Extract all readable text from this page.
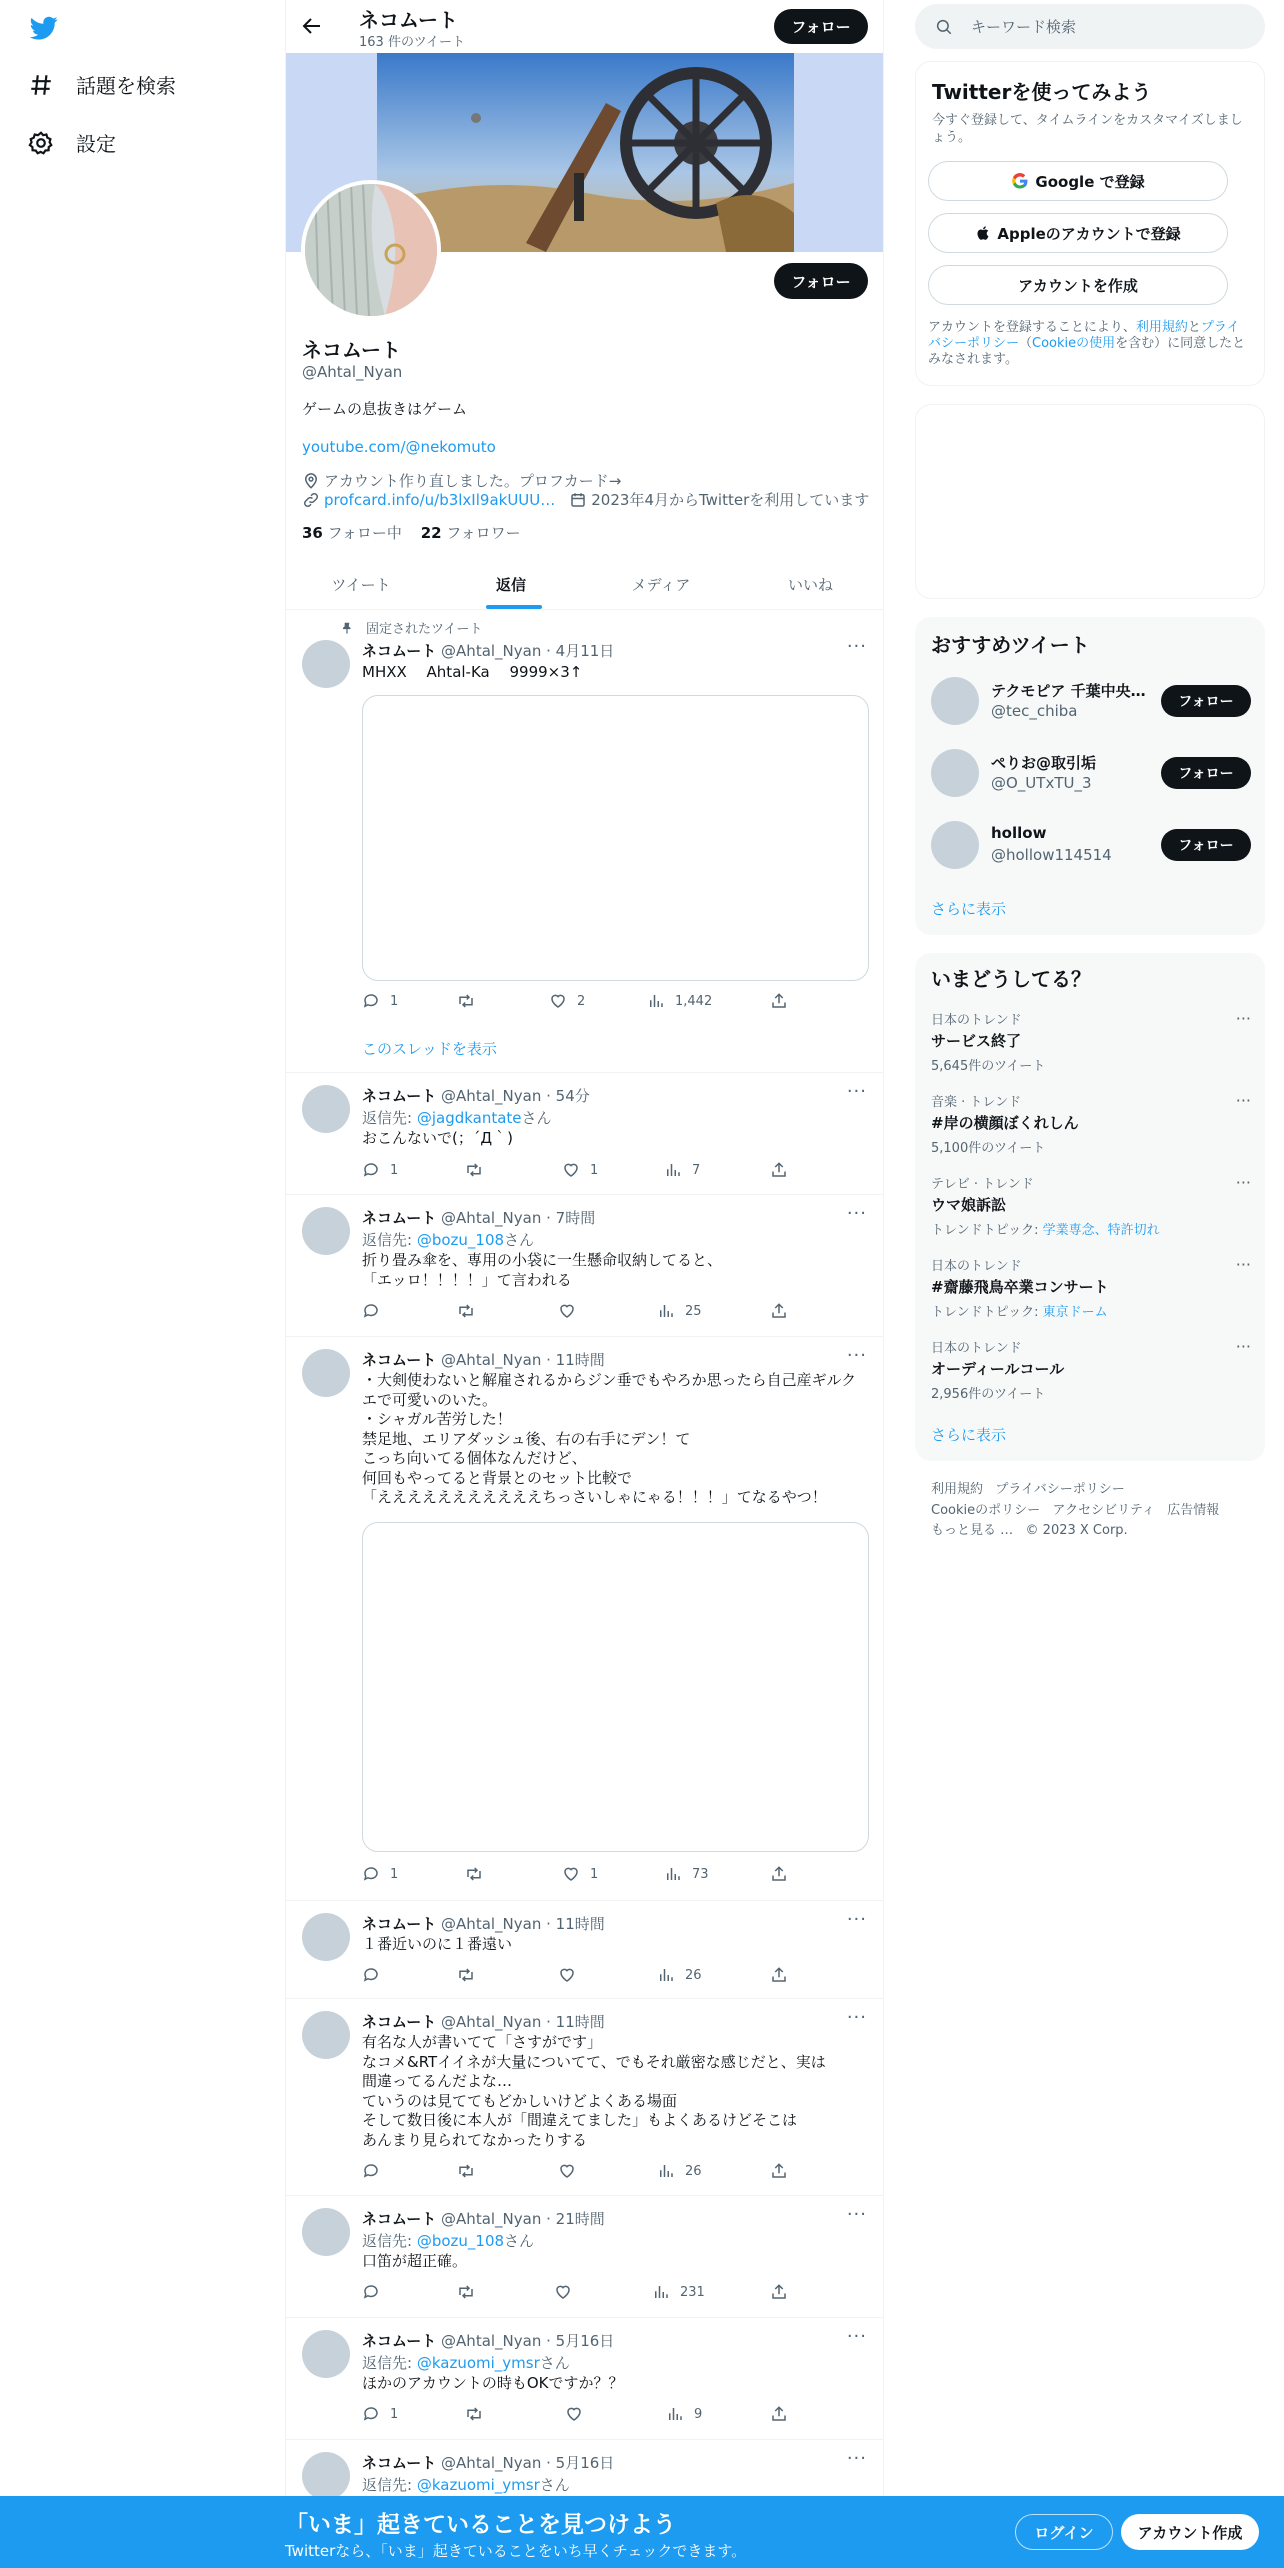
話題を検索
設定
ネコムート
163 件のツイート
フォロー
フォロー
ネコムート
@Ahtal_Nyan
ゲームの息抜きはゲーム
youtube.com/@nekomuto
アカウント作り直しました。プロフカード→
profcard.info/u/b3lxIl9akUUU… 2023年4月からTwitterを利用しています
36 フォロー中 22 フォロワー
ツイート	返信	メディア	いいね
固定されたツイート
ネコムート @Ahtal_Nyan · 4月11日	···
MHXX　 Ahtal-Ka　 9999×3↑
1	2	1,442
このスレッドを表示
ネコムート @Ahtal_Nyan · 54分	···
返信先: @jagdkantateさん
おこんないで(；´Д｀)
1	1	7
ネコムート @Ahtal_Nyan · 7時間	···
返信先: @bozu_108さん
折り畳み傘を、専用の小袋に一生懸命収納してると、
「エッロ！！！！」て言われる
25
ネコムート @Ahtal_Nyan · 11時間	···
・大剣使わないと解雇されるからジン垂でもやろか思ったら自己産ギルク
エで可愛いのいた。
・シャガル苦労した！
禁足地、エリアダッシュ後、右の右手にデン！て
こっち向いてる個体なんだけど、
何回もやってると背景とのセット比較で
「えええええええええええちっさいしゃにゃる！！！」てなるやつ！
1	1	73
ネコムート @Ahtal_Nyan · 11時間	···
１番近いのに１番遠い
26
ネコムート @Ahtal_Nyan · 11時間	···
有名な人が書いてて「さすがです」
なコメ&RTイイネが大量についてて、でもそれ厳密な感じだと、実は
間違ってるんだよな…
ていうのは見ててもどかしいけどよくある場面
そして数日後に本人が「間違えてました」もよくあるけどそこは
あんまり見られてなかったりする
26
ネコムート @Ahtal_Nyan · 21時間	···
返信先: @bozu_108さん
口笛が超正確。
231
ネコムート @Ahtal_Nyan · 5月16日	···
返信先: @kazuomi_ymsrさん
ほかのアカウントの時もOKですか？？
1	9
ネコムート @Ahtal_Nyan · 5月16日	···
返信先: @kazuomi_ymsrさん
キーワード検索
Twitterを使ってみよう
今すぐ登録して、タイムラインをカスタマイズしましょう。
Google で登録
Appleのアカウントで登録
アカウントを作成
アカウントを登録することにより、利用規約とプライバシーポリシー（Cookieの使用を含む）に同意したとみなされます。
おすすめツイート
テクモピア 千葉中央…
@tec_chiba	フォロー
ぺりお@取引垢
@O_UTxTU_3	フォロー
hollow
@hollow114514	フォロー
さらに表示
いまどうしてる？
日本のトレンド
サービス終了
5,645件のツイート
···
音楽 · トレンド
#岸の横顔ぼくれしん
5,100件のツイート
···
テレビ · トレンド
ウマ娘訴訟
トレンドトピック: 学業専念、特許切れ
···
日本のトレンド
#齋藤飛鳥卒業コンサート
トレンドトピック: 東京ドーム
···
日本のトレンド
オーディールコール
2,956件のツイート
···
さらに表示
利用規約 プライバシーポリシー
Cookieのポリシー アクセシビリティ 広告情報
もっと見る … © 2023 X Corp.
「いま」起きていることを見つけよう
Twitterなら、「いま」起きていることをいち早くチェックできます。
ログイン	アカウント作成
